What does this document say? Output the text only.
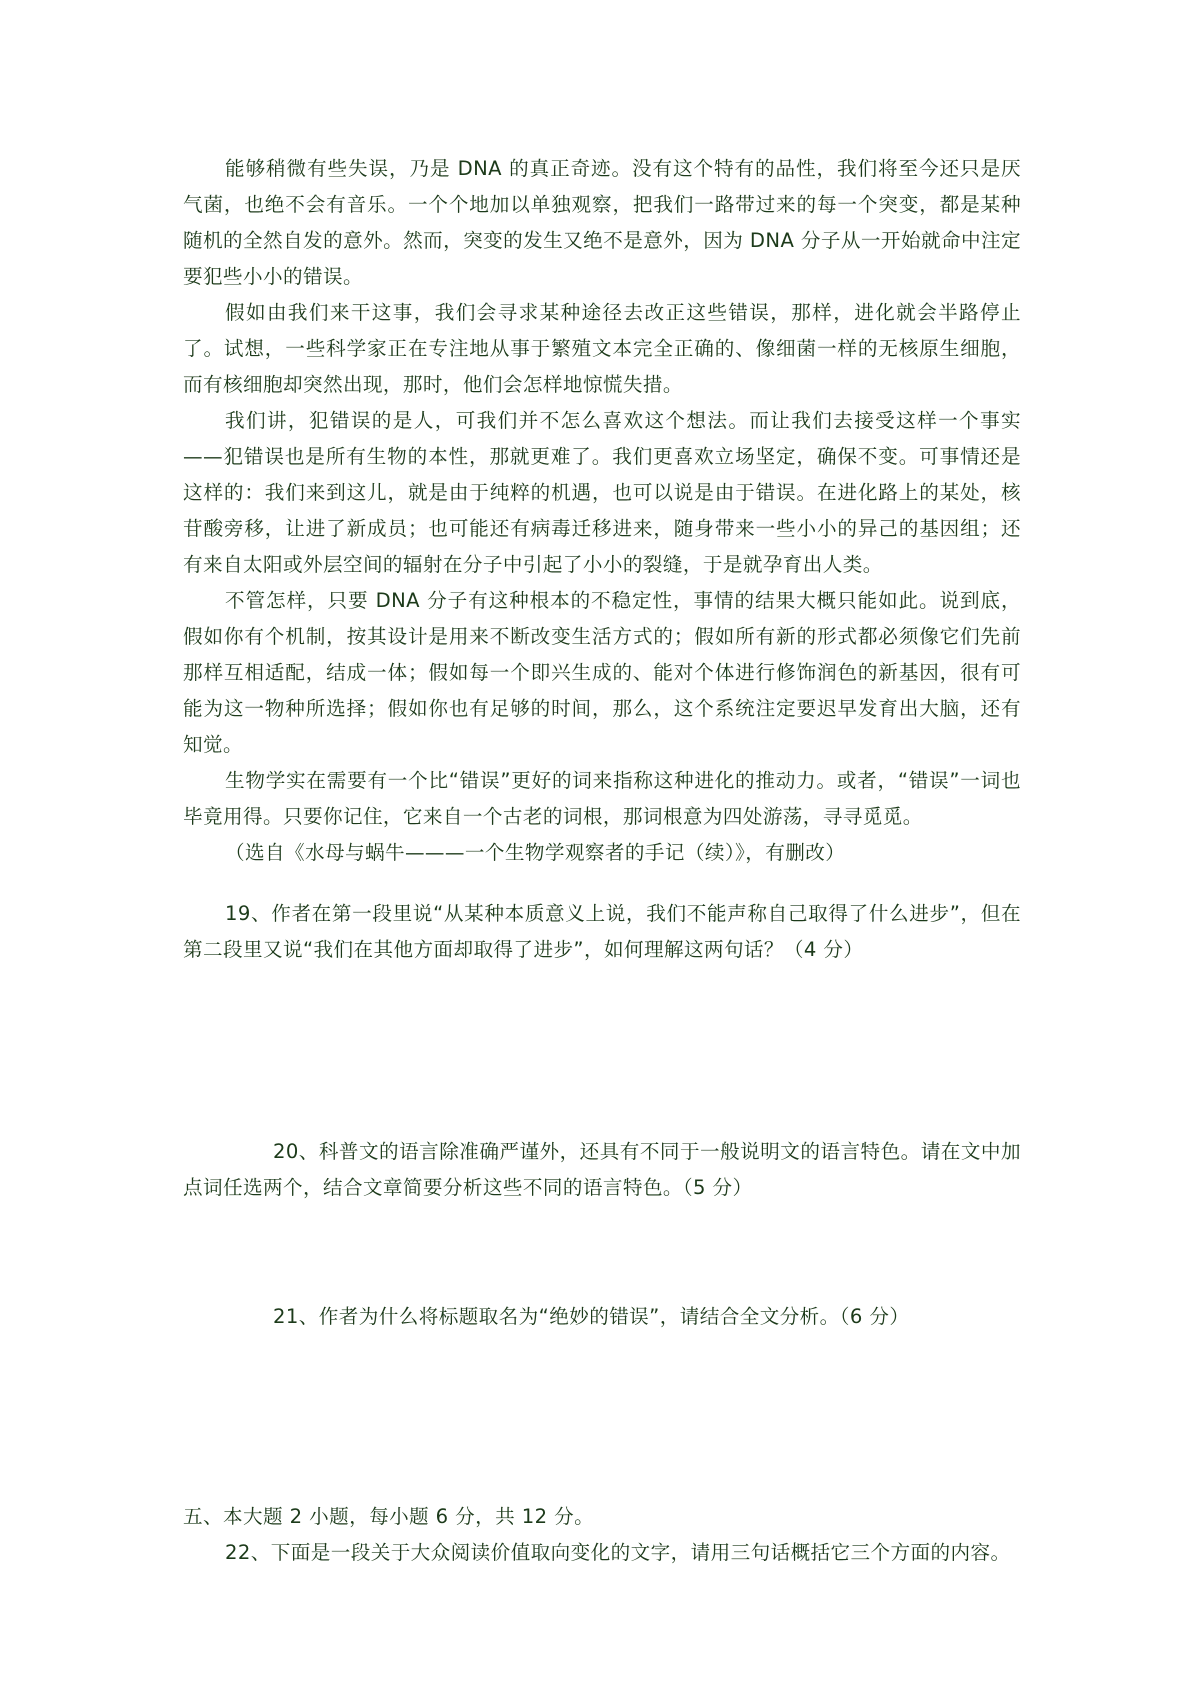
能够稍微有些失误，乃是 DNA 的真正奇迹。没有这个特有的品性，我们将至今还只是厌气菌，也绝不会有音乐。一个个地加以单独观察，把我们一路带过来的每一个突变，都是某种随机的全然自发的意外。然而，突变的发生又绝不是意外，因为 DNA 分子从一开始就命中注定要犯些小小的错误。

假如由我们来干这事，我们会寻求某种途径去改正这些错误，那样，进化就会半路停止了。试想，一些科学家正在专注地从事于繁殖文本完全正确的、像细菌一样的无核原生细胞，而有核细胞却突然出现，那时，他们会怎样地惊慌失措。

我们讲，犯错误的是人，可我们并不怎么喜欢这个想法。而让我们去接受这样一个事实——犯错误也是所有生物的本性，那就更难了。我们更喜欢立场坚定，确保不变。可事情还是这样的：我们来到这儿，就是由于纯粹的机遇，也可以说是由于错误。在进化路上的某处，核苷酸旁移，让进了新成员；也可能还有病毒迁移进来，随身带来一些小小的异己的基因组；还有来自太阳或外层空间的辐射在分子中引起了小小的裂缝，于是就孕育出人类。

不管怎样，只要 DNA 分子有这种根本的不稳定性，事情的结果大概只能如此。说到底，假如你有个机制，按其设计是用来不断改变生活方式的；假如所有新的形式都必须像它们先前那样互相适配，结成一体；假如每一个即兴生成的、能对个体进行修饰润色的新基因，很有可能为这一物种所选择；假如你也有足够的时间，那么，这个系统注定要迟早发育出大脑，还有知觉。

生物学实在需要有一个比“错误”更好的词来指称这种进化的推动力。或者，“错误”一词也毕竟用得。只要你记住，它来自一个古老的词根，那词根意为四处游荡，寻寻觅觅。

（选自《水母与蜗牛———一个生物学观察者的手记（续）》，有删改）

19、作者在第一段里说“从某种本质意义上说，我们不能声称自己取得了什么进步”，但在第二段里又说“我们在其他方面却取得了进步”，如何理解这两句话？（4 分）

20、科普文的语言除准确严谨外，还具有不同于一般说明文的语言特色。请在文中加点词任选两个，结合文章简要分析这些不同的语言特色。（5 分）

21、作者为什么将标题取名为“绝妙的错误”，请结合全文分析。（6 分）

五、本大题 2 小题，每小题 6 分，共 12 分。

22、下面是一段关于大众阅读价值取向变化的文字，请用三句话概括它三个方面的内容。
